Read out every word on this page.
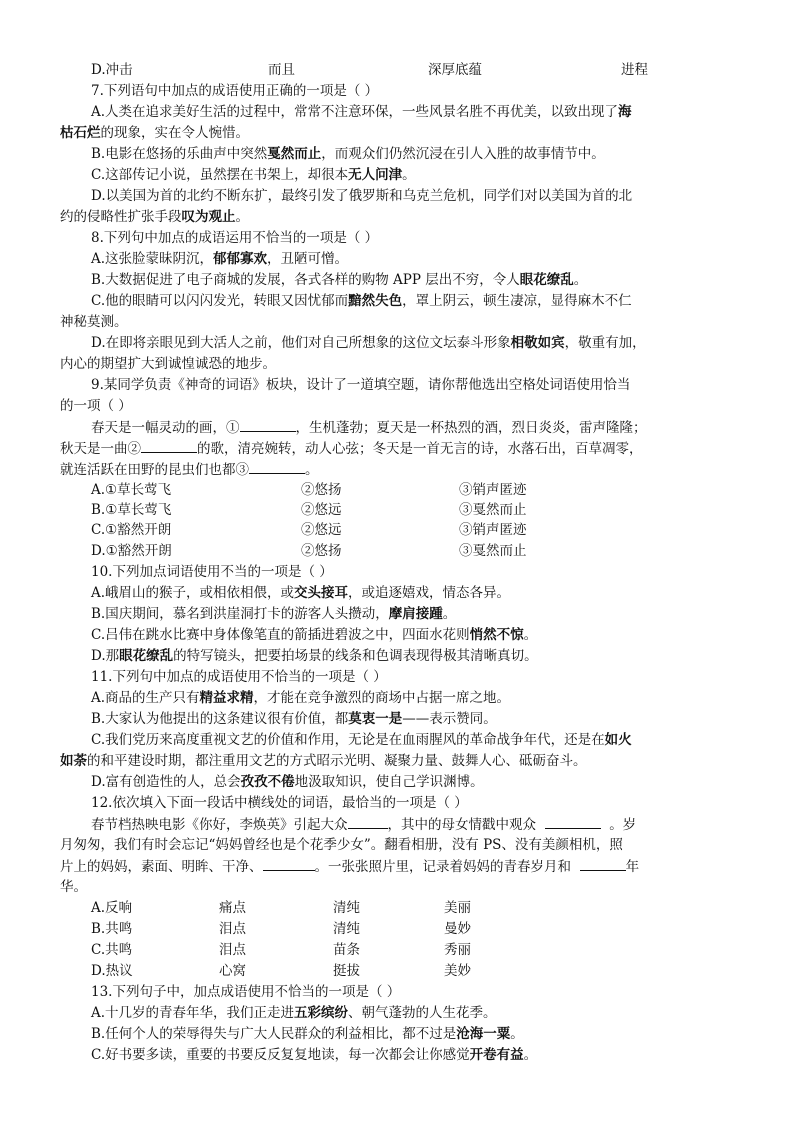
D.冲击	而且	深厚底蕴	进程
7.下列语句中加点的成语使用正确的一项是（ ）
A.人类在追求美好生活的过程中，常常不注意环保，一些风景名胜不再优美，以致出现了海
枯石烂的现象，实在令人惋惜。
B.电影在悠扬的乐曲声中突然戛然而止，而观众们仍然沉浸在引人入胜的故事情节中。
C.这部传记小说，虽然摆在书架上，却很本无人问津。
D.以美国为首的北约不断东扩，最终引发了俄罗斯和乌克兰危机，同学们对以美国为首的北
约的侵略性扩张手段叹为观止。
8.下列句中加点的成语运用不恰当的一项是（ ）
A.这张脸蒙昧阴沉，郁郁寡欢，丑陋可憎。
B.大数据促进了电子商城的发展，各式各样的购物 APP 层出不穷，令人眼花缭乱。
C.他的眼睛可以闪闪发光，转眼又因忧郁而黯然失色，罩上阴云，顿生凄凉，显得麻木不仁
神秘莫测。
D.在即将亲眼见到大活人之前，他们对自己所想象的这位文坛泰斗形象相敬如宾，敬重有加，
内心的期望扩大到诚惶诚恐的地步。
9.某同学负责《神奇的词语》板块，设计了一道填空题，请你帮他选出空格处词语使用恰当
的一项（ ）
春天是一幅灵动的画，①	，生机蓬勃；夏天是一杯热烈的酒，烈日炎炎，雷声隆隆；
秋天是一曲②	的歌，清亮婉转，动人心弦；冬天是一首无言的诗，水落石出，百草凋零，
就连活跃在田野的昆虫们也都③	。
A.①草长莺飞	②悠扬	③销声匿迹
B.①草长莺飞	②悠远	③戛然而止
C.①豁然开朗	②悠远	③销声匿迹
D.①豁然开朗	②悠扬	③戛然而止
10.下列加点词语使用不当的一项是（ ）
A.峨眉山的猴子，或相依相偎，或交头接耳，或追逐嬉戏，情态各异。
B.国庆期间，慕名到洪崖洞打卡的游客人头攒动，摩肩接踵。
C.吕伟在跳水比赛中身体像笔直的箭插进碧波之中，四面水花则悄然不惊。
D.那眼花缭乱的特写镜头，把要拍场景的线条和色调表现得极其清晰真切。
11.下列句中加点的成语使用不恰当的一项是（ ）
A.商品的生产只有精益求精，才能在竞争激烈的商场中占据一席之地。
B.大家认为他提出的这条建议很有价值，都莫衷一是——表示赞同。
C.我们党历来高度重视文艺的价值和作用，无论是在血雨腥风的革命战争年代，还是在如火
如荼的和平建设时期，都注重用文艺的方式昭示光明、凝聚力量、鼓舞人心、砥砺奋斗。
D.富有创造性的人，总会孜孜不倦地汲取知识，使自己学识渊博。
12.依次填入下面一段话中横线处的词语，最恰当的一项是（ ）
春节档热映电影《你好，李焕英》引起大众	，其中的母女情戳中观众	。岁
月匆匆，我们有时会忘记“妈妈曾经也是个花季少女”。翻看相册，没有 PS、没有美颜相机，照
片上的妈妈，素面、明眸、干净、	。一张张照片里，记录着妈妈的青春岁月和	年
华。
A.反响	痛点	清纯	美丽
B.共鸣	泪点	清纯	曼妙
C.共鸣	泪点	苗条	秀丽
D.热议	心窝	挺拔	美妙
13.下列句子中，加点成语使用不恰当的一项是（ ）
A.十几岁的青春年华，我们正走进五彩缤纷、朝气蓬勃的人生花季。
B.任何个人的荣辱得失与广大人民群众的利益相比，都不过是沧海一粟。
C.好书要多读，重要的书要反反复复地读，每一次都会让你感觉开卷有益。
